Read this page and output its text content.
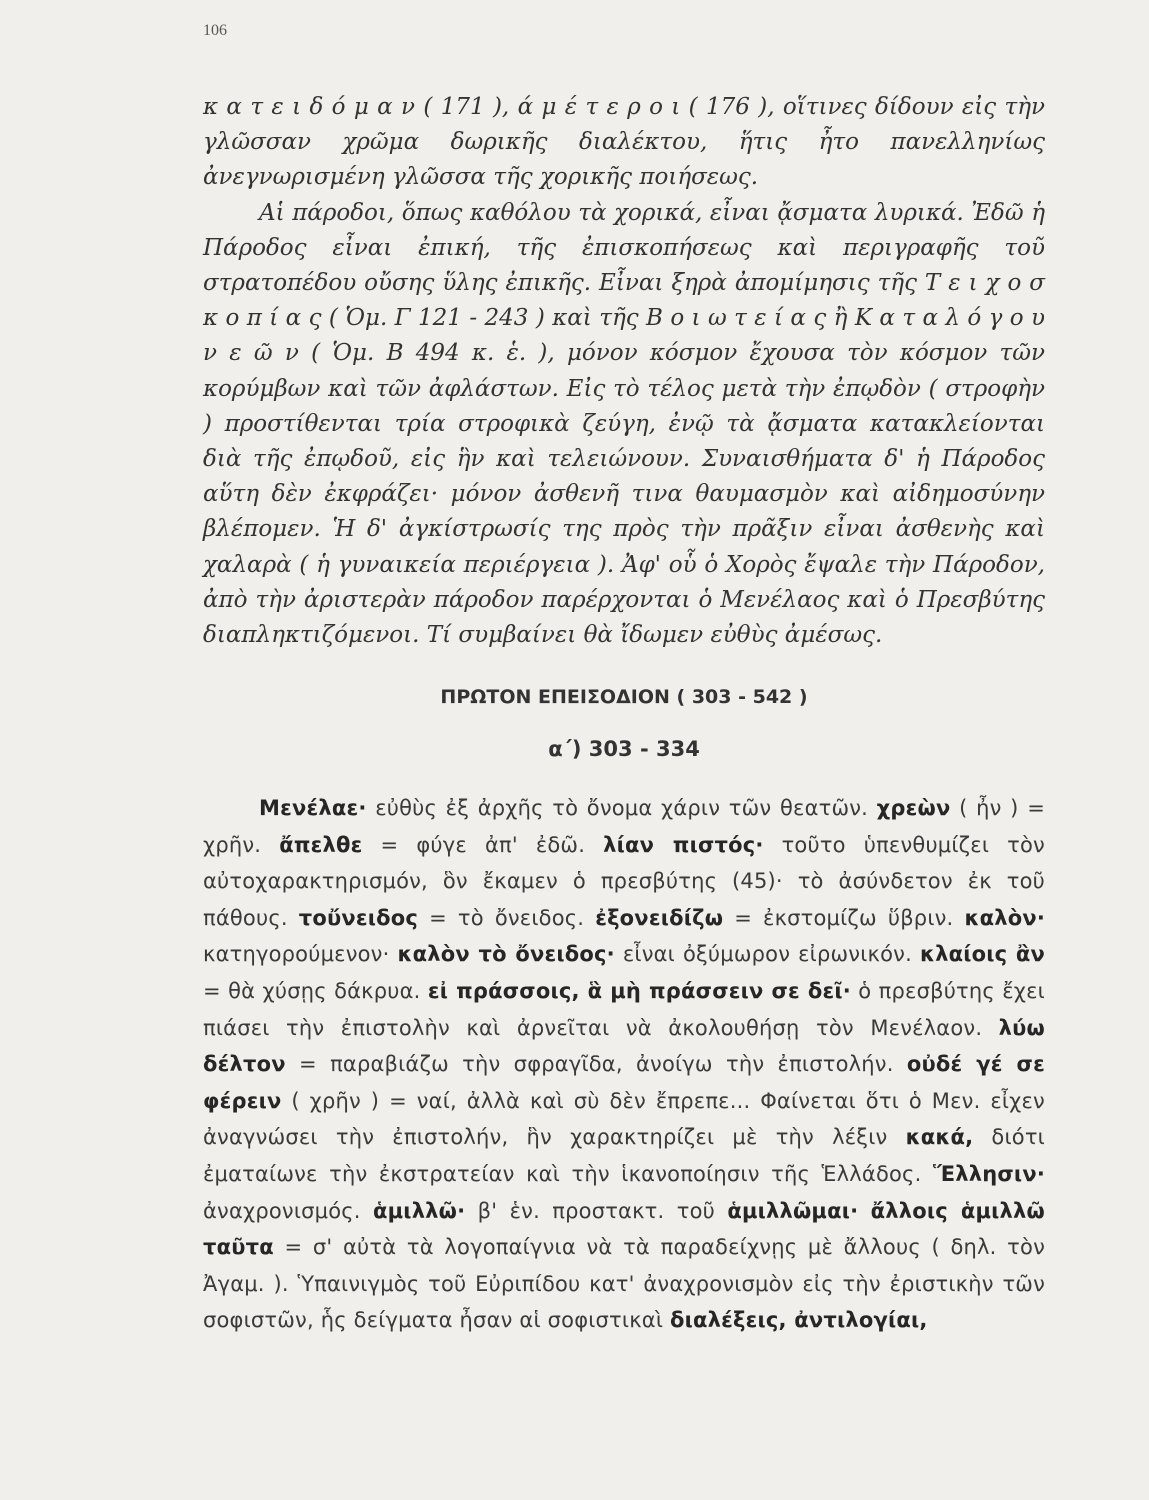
106

κ α τ ε ι δ ό μ α ν ( 171 ), ά μ έ τ ε ρ ο ι ( 176 ), οἵτινες δίδουν εἰς τὴν γλῶσσαν χρῶμα δωρικῆς διαλέκτου, ἥτις ἦτο πανελληνίως ἀνεγνωρισμένη γλῶσσα τῆς χορικῆς ποιήσεως.

Αἱ πάροδοι, ὅπως καθόλου τὰ χορικά, εἶναι ᾄσματα λυρικά. Ἐδῶ ἡ Πάροδος εἶναι ἐπική, τῆς ἐπισκοπήσεως καὶ περιγραφῆς τοῦ στρατοπέδου οὔσης ὕλης ἐπικῆς. Εἶναι ξηρὰ ἀπομίμησις τῆς Τ ε ι χ ο σ κ ο π ί α ς ( Ὁμ. Γ 121 - 243 ) καὶ τῆς Β ο ι ω τ ε ί α ς ἢ Κ α τ α λ ό γ ο υ ν ε ῶ ν ( Ὁμ. Β 494 κ. ἑ. ), μόνον κόσμον ἔχουσα τὸν κόσμον τῶν κορύμβων καὶ τῶν ἀφλάστων. Εἰς τὸ τέλος μετὰ τὴν ἐπῳδὸν ( στροφὴν ) προστίθενται τρία στροφικὰ ζεύγη, ἐνῷ τὰ ᾄσματα κατακλείονται διὰ τῆς ἐπῳδοῦ, εἰς ἣν καὶ τελειώνουν. Συναισθήματα δ' ἡ Πάροδος αὕτη δὲν ἐκφράζει· μόνον ἀσθενῆ τινα θαυμασμὸν καὶ αἰδημοσύνην βλέπομεν. Ἡ δ' ἀγκίστρωσίς της πρὸς τὴν πρᾶξιν εἶναι ἀσθενὴς καὶ χαλαρὰ ( ἡ γυναικεία περιέργεια ). Ἀφ' οὗ ὁ Χορὸς ἔψαλε τὴν Πάροδον, ἀπὸ τὴν ἀριστερὰν πάροδον παρέρχονται ὁ Μενέλαος καὶ ὁ Πρεσβύτης διαπληκτιζόμενοι. Τί συμβαίνει θὰ ἴδωμεν εὐθὺς ἀμέσως.

ΠΡΩΤΟΝ ΕΠΕΙΣΟΔΙΟΝ ( 303 - 542 )
α΄) 303 - 334

Μενέλαε· εὐθὺς ἐξ ἀρχῆς τὸ ὄνομα χάριν τῶν θεατῶν. χρεὼν ( ἦν ) = χρῆν. ἄπελθε = φύγε ἀπ' ἐδῶ. λίαν πιστός· τοῦτο ὑπενθυμίζει τὸν αὐτοχαρακτηρισμόν, ὃν ἔκαμεν ὁ πρεσβύτης (45)· τὸ ἀσύνδετον ἐκ τοῦ πάθους. τοὔνειδος = τὸ ὄνειδος. ἐξονειδίζω = ἐκστομίζω ὕβριν. καλὸν· κατηγορούμενον· καλὸν τὸ ὄνειδος· εἶναι ὀξύμωρον εἰρωνικόν. κλαίοις ἂν = θὰ χύσῃς δάκρυα. εἰ πράσσοις, ἃ μὴ πράσσειν σε δεῖ· ὁ πρεσβύτης ἔχει πιάσει τὴν ἐπιστολὴν καὶ ἀρνεῖται νὰ ἀκολουθήσῃ τὸν Μενέλαον. λύω δέλτον = παραβιάζω τὴν σφραγῖδα, ἀνοίγω τὴν ἐπιστολήν. οὐδέ γέ σε φέρειν ( χρῆν ) = ναί, ἀλλὰ καὶ σὺ δὲν ἔπρεπε... Φαίνεται ὅτι ὁ Μεν. εἶχεν ἀναγνώσει τὴν ἐπιστολήν, ἣν χαρακτηρίζει μὲ τὴν λέξιν κακά, διότι ἐματαίωνε τὴν ἐκστρατείαν καὶ τὴν ἱκανοποίησιν τῆς Ἑλλάδος. Ἕλλησιν· ἀναχρονισμός. ἁμιλλῶ· β' ἑν. προστακτ. τοῦ ἁμιλλῶμαι· ἄλλοις ἁμιλλῶ ταῦτα = σ' αὐτὰ τὰ λογοπαίγνια νὰ τὰ παραδείχνῃς μὲ ἄλλους ( δηλ. τὸν Ἀγαμ. ). Ὑπαινιγμὸς τοῦ Εὐριπίδου κατ' ἀναχρονισμὸν εἰς τὴν ἐριστικὴν τῶν σοφιστῶν, ἧς δείγματα ἦσαν αἱ σοφιστικαὶ διαλέξεις, ἀντιλογίαι,
